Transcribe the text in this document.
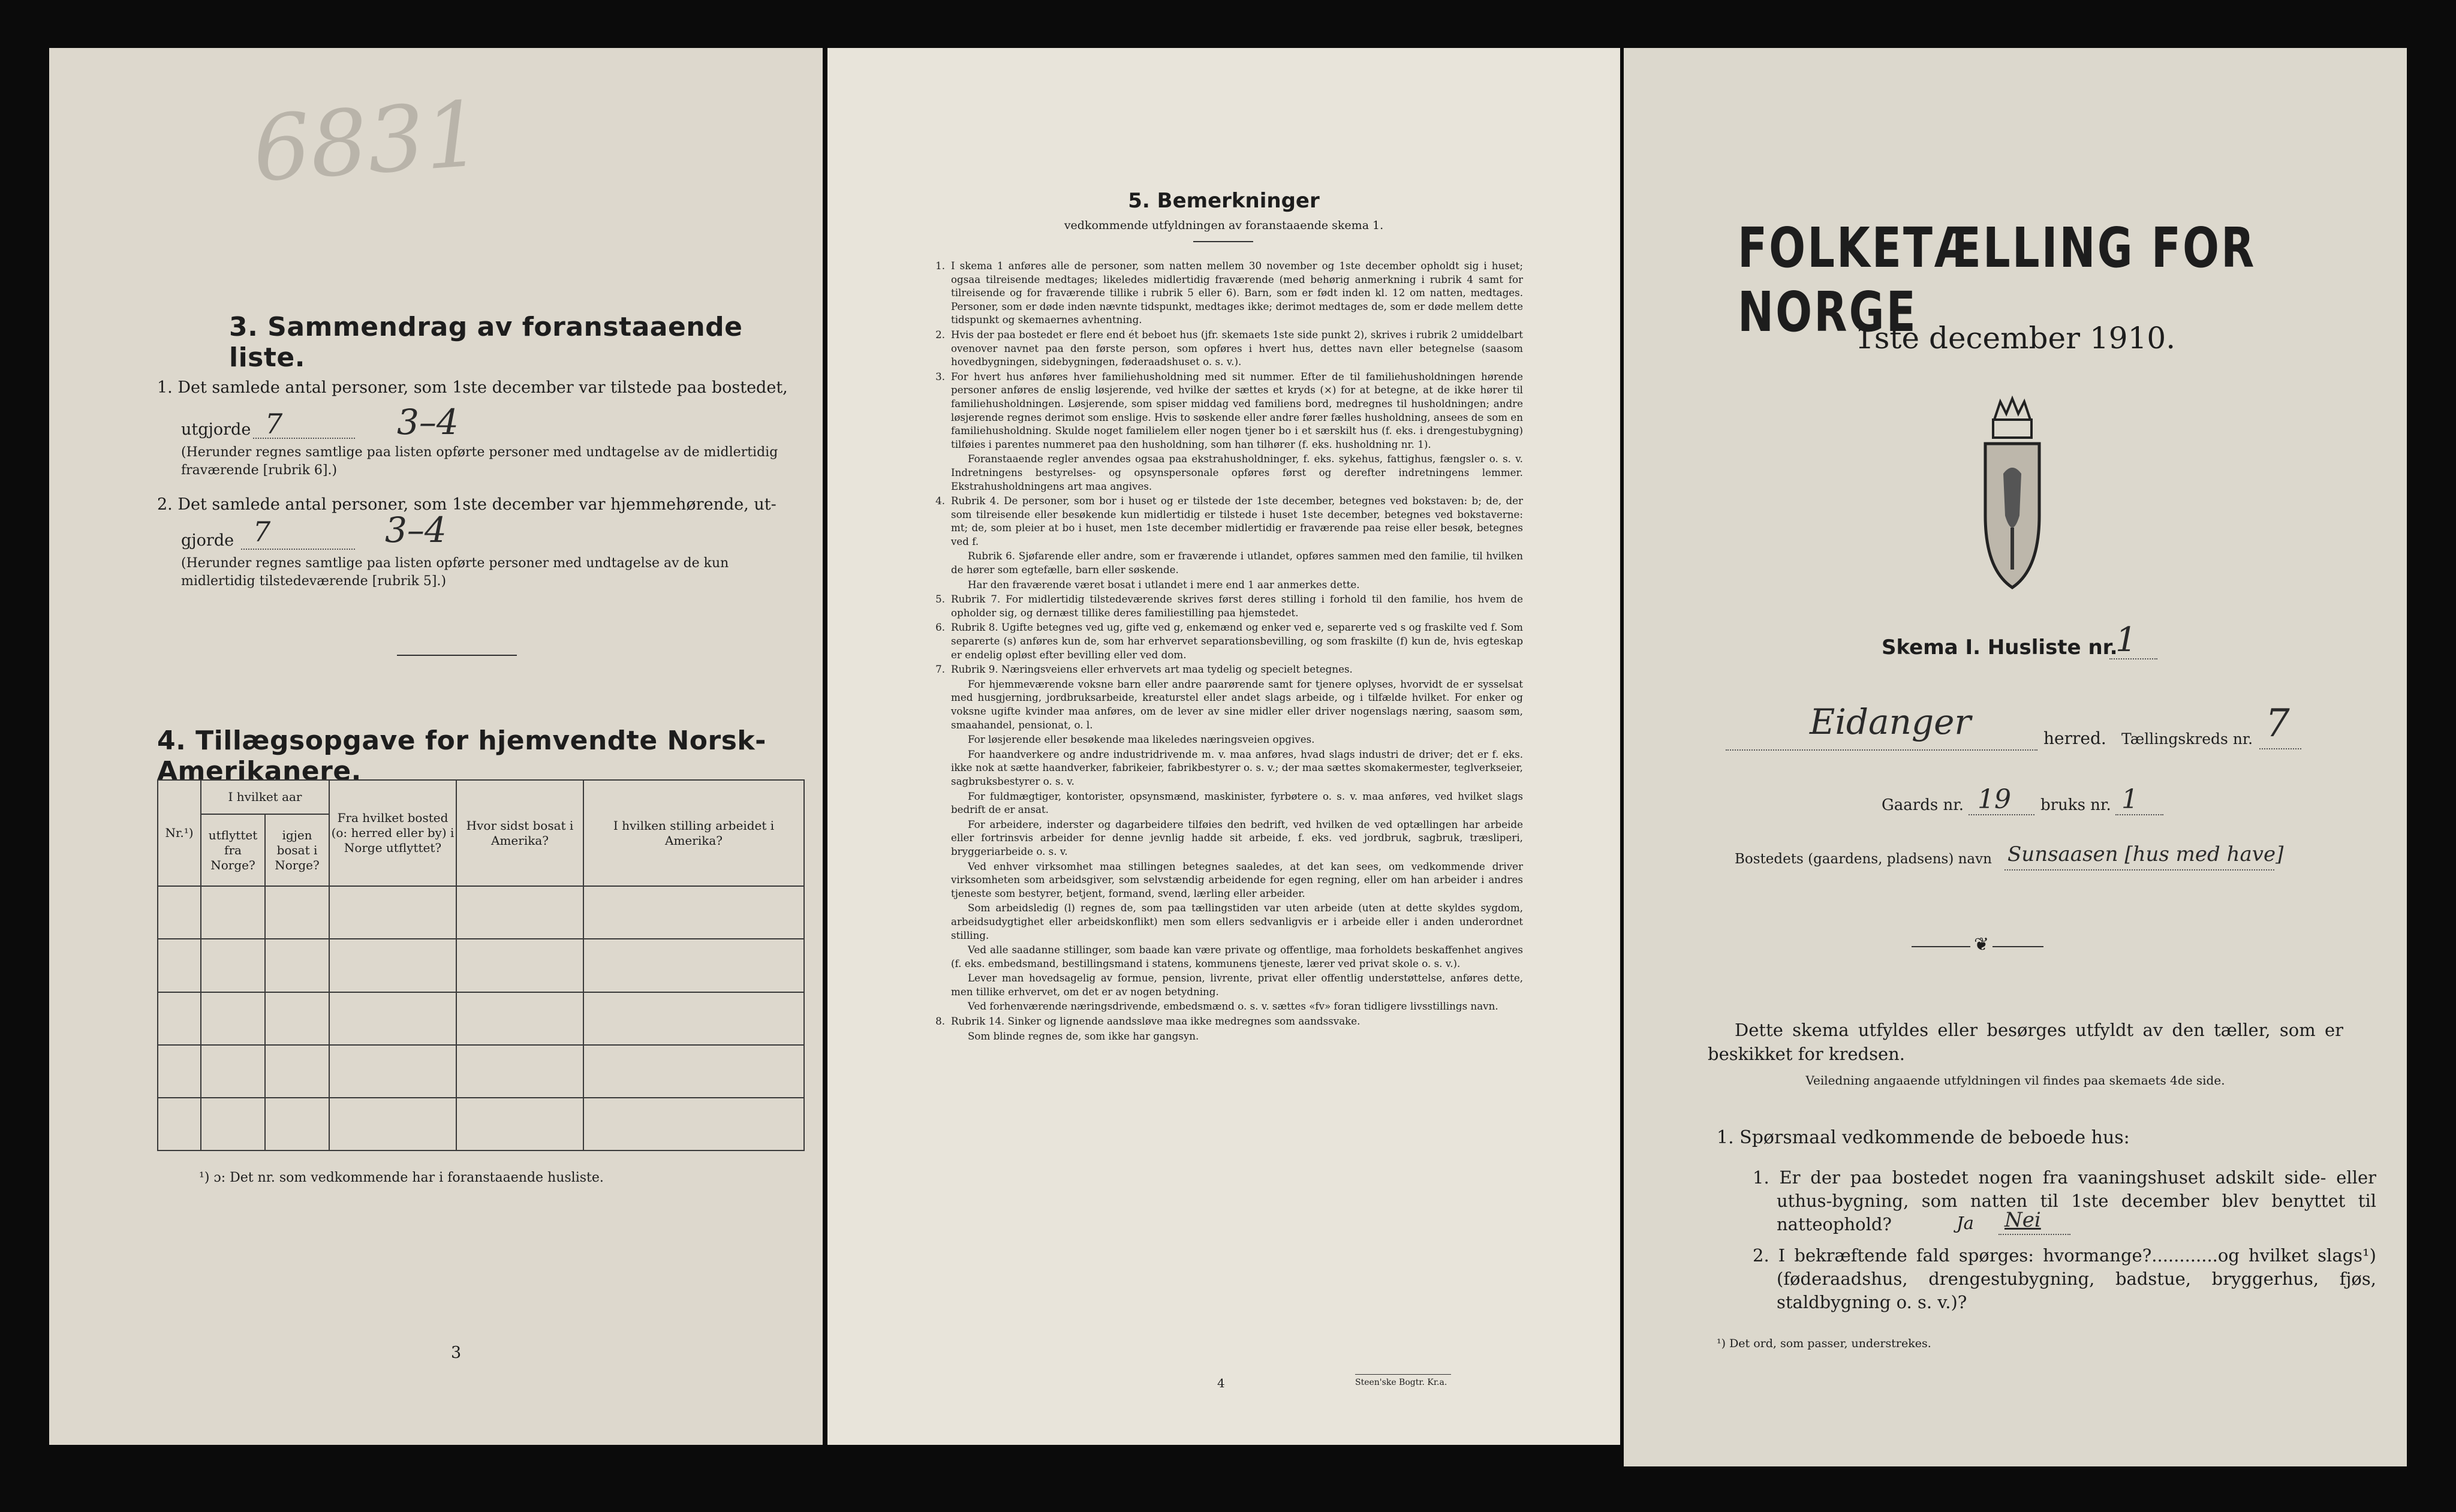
6831
3. Sammendrag av foranstaaende liste.
1. Det samlede antal personer, som 1ste december var tilstede paa bostedet,
utgjorde 7	3–4
(Herunder regnes samtlige paa listen opførte personer med undtagelse av de midlertidig fraværende [rubrik 6].)
2. Det samlede antal personer, som 1ste december var hjemmehørende, ut-
gjorde 7	3–4
(Herunder regnes samtlige paa listen opførte personer med undtagelse av de kun midlertidig tilstedeværende [rubrik 5].)
4. Tillægsopgave for hjemvendte Norsk-Amerikanere.
Nr.¹)	I hvilket aar		Fra hvilket bosted (o: herred eller by) i Norge utflyttet?	Hvor sidst bosat i Amerika?	I hvilken stilling arbeidet i Amerika?
	utflyttet fra Norge?	igjen bosat i Norge?			

¹) ɔ: Det nr. som vedkommende har i foranstaaende husliste.
3
5. Bemerkninger
vedkommende utfyldningen av foranstaaende skema 1.
1. I skema 1 anføres alle de personer, som natten mellem 30 november og 1ste december opholdt sig i huset; ogsaa tilreisende medtages; likeledes midlertidig fraværende (med behørig anmerkning i rubrik 4 samt for tilreisende og for fraværende tillike i rubrik 5 eller 6). Barn, som er født inden kl. 12 om natten, medtages. Personer, som er døde inden nævnte tidspunkt, medtages ikke; derimot medtages de, som er døde mellem dette tidspunkt og skemaernes avhentning.
2. Hvis der paa bostedet er flere end ét beboet hus (jfr. skemaets 1ste side punkt 2), skrives i rubrik 2 umiddelbart ovenover navnet paa den første person, som opføres i hvert hus, dettes navn eller betegnelse (saasom hovedbygningen, sidebygningen, føderaadshuset o. s. v.).
3. For hvert hus anføres hver familiehusholdning med sit nummer. Efter de til familiehusholdningen hørende personer anføres de enslig løsjerende, ved hvilke der sættes et kryds (×) for at betegne, at de ikke hører til familiehusholdningen. Løsjerende, som spiser middag ved familiens bord, medregnes til husholdningen; andre løsjerende regnes derimot som enslige. Hvis to søskende eller andre fører fælles husholdning, ansees de som en familiehusholdning. Skulde noget familielem eller nogen tjener bo i et særskilt hus (f. eks. i drengestubygning) tilføies i parentes nummeret paa den husholdning, som han tilhører (f. eks. husholdning nr. 1).
Foranstaaende regler anvendes ogsaa paa ekstrahusholdninger, f. eks. sykehus, fattighus, fængsler o. s. v. Indretningens bestyrelses- og opsynspersonale opføres først og derefter indretningens lemmer. Ekstrahusholdningens art maa angives.
4. Rubrik 4. De personer, som bor i huset og er tilstede der 1ste december, betegnes ved bokstaven: b; de, der som tilreisende eller besøkende kun midlertidig er tilstede i huset 1ste december, betegnes ved bokstaverne: mt; de, som pleier at bo i huset, men 1ste december midlertidig er fraværende paa reise eller besøk, betegnes ved f.
Rubrik 6. Sjøfarende eller andre, som er fraværende i utlandet, opføres sammen med den familie, til hvilken de hører som egtefælle, barn eller søskende.
Har den fraværende været bosat i utlandet i mere end 1 aar anmerkes dette.
5. Rubrik 7. For midlertidig tilstedeværende skrives først deres stilling i forhold til den familie, hos hvem de opholder sig, og dernæst tillike deres familiestilling paa hjemstedet.
6. Rubrik 8. Ugifte betegnes ved ug, gifte ved g, enkemænd og enker ved e, separerte ved s og fraskilte ved f. Som separerte (s) anføres kun de, som har erhvervet separationsbevilling, og som fraskilte (f) kun de, hvis egteskap er endelig opløst efter bevilling eller ved dom.
7. Rubrik 9. Næringsveiens eller erhvervets art maa tydelig og specielt betegnes.
For hjemmeværende voksne barn eller andre paarørende samt for tjenere oplyses, hvorvidt de er sysselsat med husgjerning, jordbruksarbeide, kreaturstel eller andet slags arbeide, og i tilfælde hvilket. For enker og voksne ugifte kvinder maa anføres, om de lever av sine midler eller driver nogenslags næring, saasom søm, smaahandel, pensionat, o. l.
For løsjerende eller besøkende maa likeledes næringsveien opgives.
For haandverkere og andre industridrivende m. v. maa anføres, hvad slags industri de driver; det er f. eks. ikke nok at sætte haandverker, fabrikeier, fabrikbestyrer o. s. v.; der maa sættes skomakermester, teglverkseier, sagbruksbestyrer o. s. v.
For fuldmægtiger, kontorister, opsynsmænd, maskinister, fyrbøtere o. s. v. maa anføres, ved hvilket slags bedrift de er ansat.
For arbeidere, inderster og dagarbeidere tilføies den bedrift, ved hvilken de ved optællingen har arbeide eller fortrinsvis arbeider for denne jevnlig hadde sit arbeide, f. eks. ved jordbruk, sagbruk, træsliperi, bryggeriarbeide o. s. v.
Ved enhver virksomhet maa stillingen betegnes saaledes, at det kan sees, om vedkommende driver virksomheten som arbeidsgiver, som selvstændig arbeidende for egen regning, eller om han arbeider i andres tjeneste som bestyrer, betjent, formand, svend, lærling eller arbeider.
Som arbeidsledig (l) regnes de, som paa tællingstiden var uten arbeide (uten at dette skyldes sygdom, arbeidsudygtighet eller arbeidskonflikt) men som ellers sedvanligvis er i arbeide eller i anden underordnet stilling.
Ved alle saadanne stillinger, som baade kan være private og offentlige, maa forholdets beskaffenhet angives (f. eks. embedsmand, bestillingsmand i statens, kommunens tjeneste, lærer ved privat skole o. s. v.).
Lever man hovedsagelig av formue, pension, livrente, privat eller offentlig understøttelse, anføres dette, men tillike erhvervet, om det er av nogen betydning.
Ved forhenværende næringsdrivende, embedsmænd o. s. v. sættes «fv» foran tidligere livsstillings navn.
8. Rubrik 14. Sinker og lignende aandssløve maa ikke medregnes som aandssvake.
Som blinde regnes de, som ikke har gangsyn.
4	Steen'ske Bogtr. Kr.a.
FOLKETÆLLING FOR NORGE
1ste december 1910.
Skema I. Husliste nr.
1
Eidanger	herred. Tællingskreds nr. 7
Gaards nr. 19 bruks nr. 1
Bostedets (gaardens, pladsens) navn Sunsaasen [hus med have]
❦
Dette skema utfyldes eller besørges utfyldt av den tæller, som er beskikket for kredsen.
Veiledning angaaende utfyldningen vil findes paa skemaets 4de side.
1. Spørsmaal vedkommende de beboede hus:
1. Er der paa bostedet nogen fra vaaningshuset adskilt side- eller uthus-bygning, som natten til 1ste december blev benyttet til natteophold?	Ja Nei
2. I bekræftende fald spørges: hvormange?............og hvilket slags¹) (føderaadshus, drengestubygning, badstue, bryggerhus, fjøs, staldbygning o. s. v.)?
¹) Det ord, som passer, understrekes.
